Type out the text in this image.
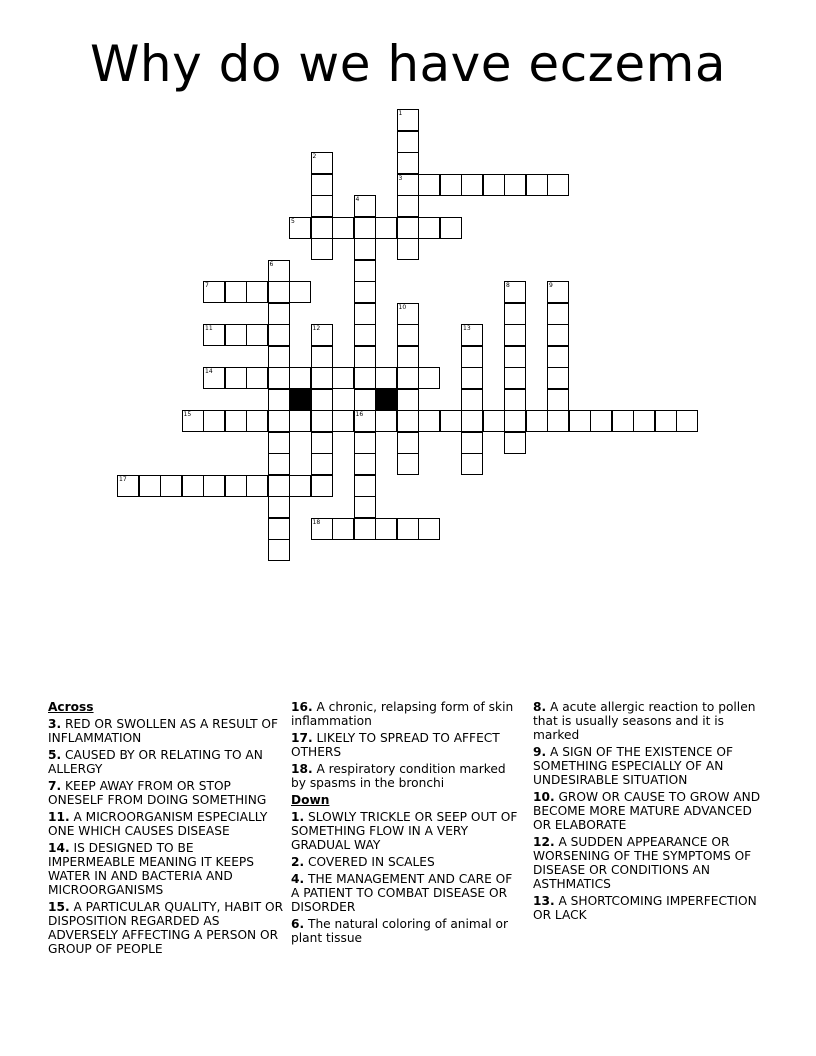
Why do we have eczema
1
2
3
4
5
6
7	8	9
10
11	12	13
14
15	16
17
18

Across

3. RED OR SWOLLEN AS A RESULT OF INFLAMMATION

5. CAUSED BY OR RELATING TO AN ALLERGY

7. KEEP AWAY FROM OR STOP ONESELF FROM DOING SOMETHING

11. A MICROORGANISM ESPECIALLY ONE WHICH CAUSES DISEASE

14. IS DESIGNED TO BE IMPERMEABLE MEANING IT KEEPS WATER IN AND BACTERIA AND MICROORGANISMS

15. A PARTICULAR QUALITY, HABIT OR DISPOSITION REGARDED AS ADVERSELY AFFECTING A PERSON OR GROUP OF PEOPLE

16. A chronic, relapsing form of skin inflammation

17. LIKELY TO SPREAD TO AFFECT OTHERS

18. A respiratory condition marked by spasms in the bronchi

Down

1. SLOWLY TRICKLE OR SEEP OUT OF SOMETHING FLOW IN A VERY GRADUAL WAY

2. COVERED IN SCALES

4. THE MANAGEMENT AND CARE OF A PATIENT TO COMBAT DISEASE OR DISORDER

6. The natural coloring of animal or plant tissue

8. A acute allergic reaction to pollen that is usually seasons and it is marked

9. A SIGN OF THE EXISTENCE OF SOMETHING ESPECIALLY OF AN UNDESIRABLE SITUATION

10. GROW OR CAUSE TO GROW AND BECOME MORE MATURE ADVANCED OR ELABORATE

12. A SUDDEN APPEARANCE OR WORSENING OF THE SYMPTOMS OF DISEASE OR CONDITIONS AN ASTHMATICS

13. A SHORTCOMING IMPERFECTION OR LACK
